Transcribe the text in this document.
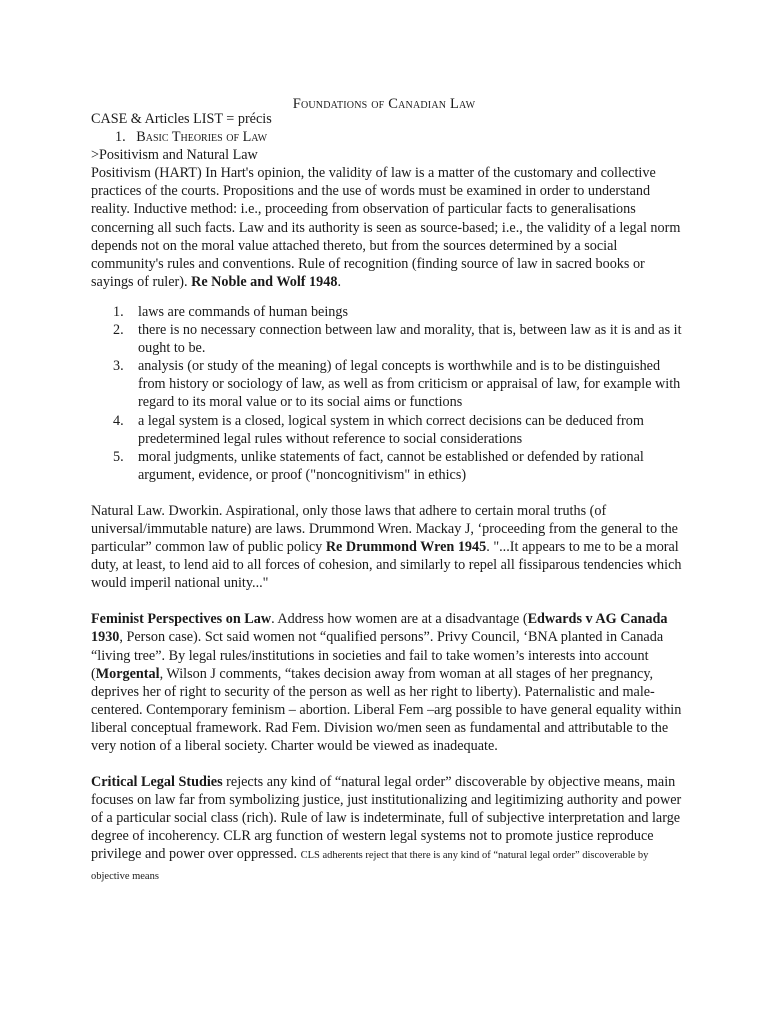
Foundations of Canadian Law
CASE & Articles LIST = précis
1. Basic Theories of Law
>Positivism and Natural Law

Positivism (HART) In Hart's opinion, the validity of law is a matter of the customary and collective practices of the courts. Propositions and the use of words must be examined in order to understand reality. Inductive method: i.e., proceeding from observation of particular facts to generalisations concerning all such facts. Law and its authority is seen as source-based; i.e., the validity of a legal norm depends not on the moral value attached thereto, but from the sources determined by a social community's rules and conventions. Rule of recognition (finding source of law in sacred books or sayings of ruler). Re Noble and Wolf 1948.

1. laws are commands of human beings
2. there is no necessary connection between law and morality, that is, between law as it is and as it ought to be.
3. analysis (or study of the meaning) of legal concepts is worthwhile and is to be distinguished from history or sociology of law, as well as from criticism or appraisal of law, for example with regard to its moral value or to its social aims or functions
4. a legal system is a closed, logical system in which correct decisions can be deduced from predetermined legal rules without reference to social considerations
5. moral judgments, unlike statements of fact, cannot be established or defended by rational argument, evidence, or proof ("noncognitivism" in ethics)

Natural Law. Dworkin. Aspirational, only those laws that adhere to certain moral truths (of universal/immutable nature) are laws. Drummond Wren. Mackay J, ‘proceeding from the general to the particular” common law of public policy Re Drummond Wren 1945. "...It appears to me to be a moral duty, at least, to lend aid to all forces of cohesion, and similarly to repel all fissiparous tendencies which would imperil national unity..."

Feminist Perspectives on Law. Address how women are at a disadvantage (Edwards v AG Canada 1930, Person case). Sct said women not “qualified persons”. Privy Council, ‘BNA planted in Canada “living tree”. By legal rules/institutions in societies and fail to take women’s interests into account (Morgental, Wilson J comments, “takes decision away from woman at all stages of her pregnancy, deprives her of right to security of the person as well as her right to liberty). Paternalistic and male-centered. Contemporary feminism – abortion. Liberal Fem –arg possible to have general equality within liberal conceptual framework. Rad Fem. Division wo/men seen as fundamental and attributable to the very notion of a liberal society. Charter would be viewed as inadequate.

Critical Legal Studies rejects any kind of “natural legal order” discoverable by objective means, main focuses on law far from symbolizing justice, just institutionalizing and legitimizing authority and power of a particular social class (rich). Rule of law is indeterminate, full of subjective interpretation and large degree of incoherency. CLR arg function of western legal systems not to promote justice reproduce privilege and power over oppressed. CLS adherents reject that there is any kind of “natural legal order” discoverable by objective means
